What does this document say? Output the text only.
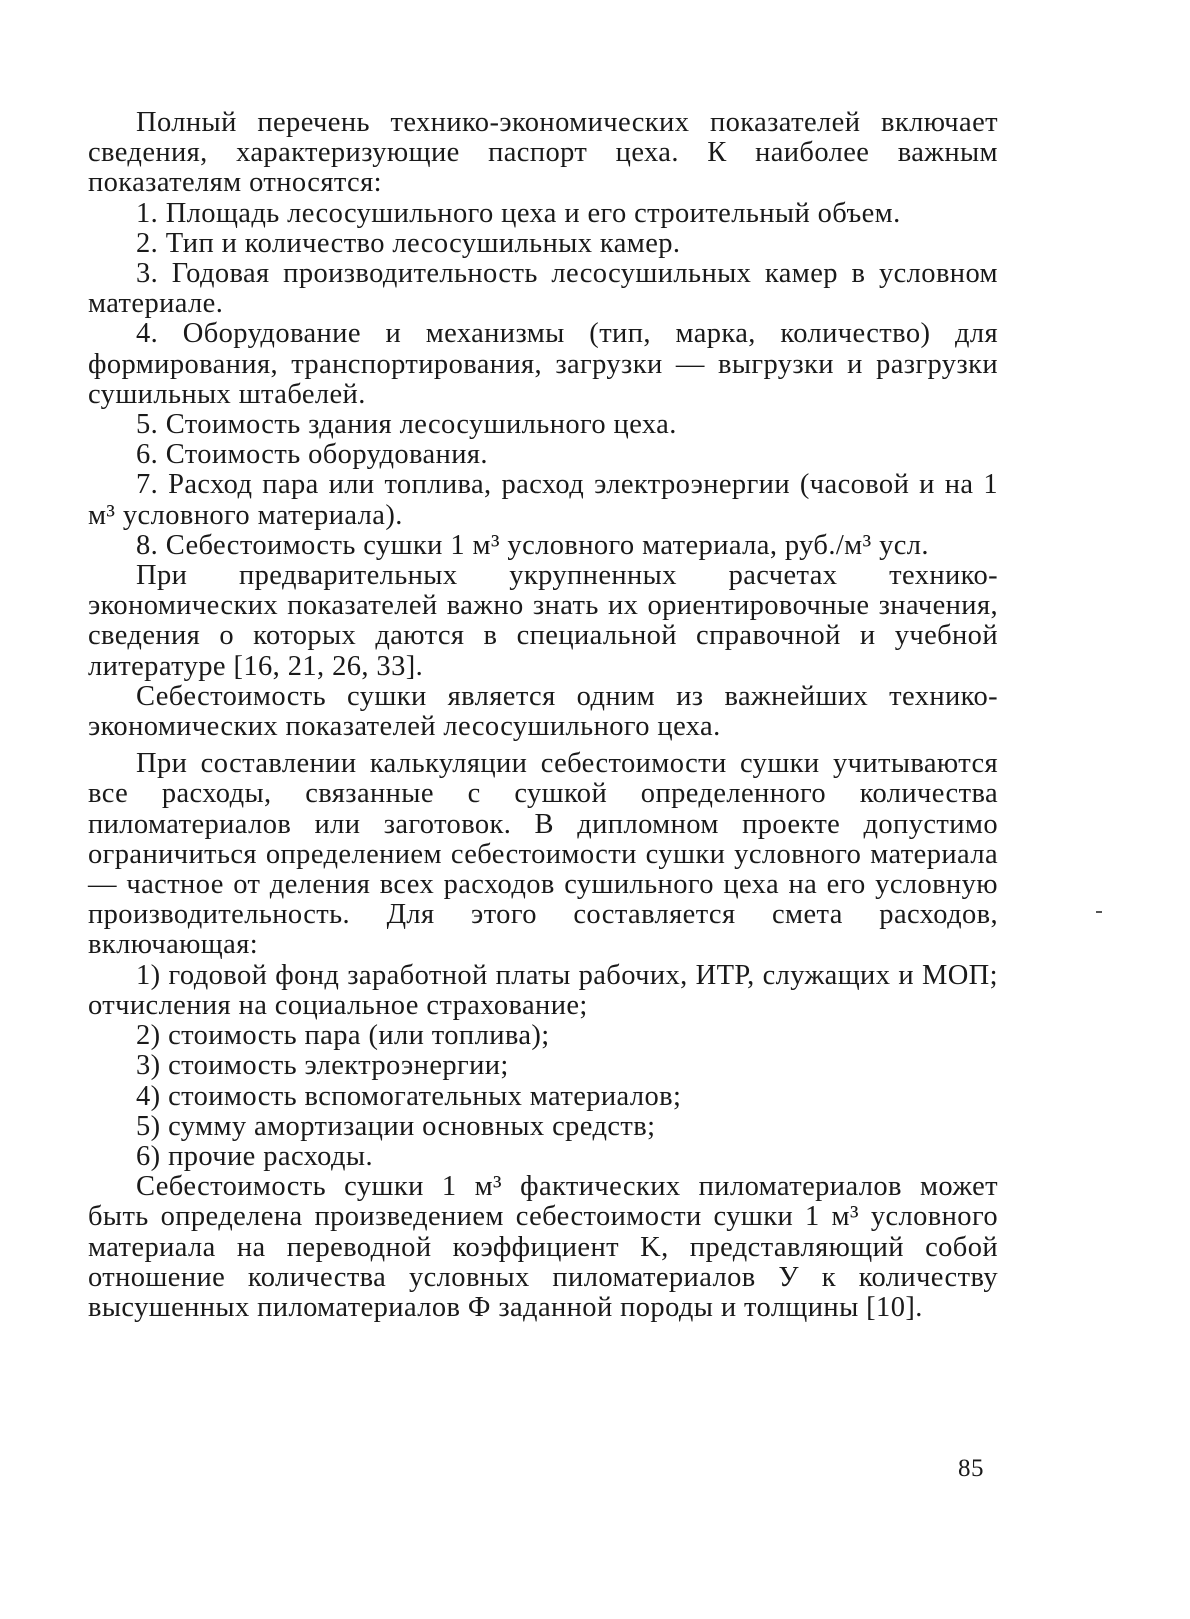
Полный перечень технико-экономических показателей включает сведения, характеризующие паспорт цеха. К наиболее важным показателям относятся:

1. Площадь лесосушильного цеха и его строительный объем.

2. Тип и количество лесосушильных камер.

3. Годовая производительность лесосушильных камер в условном материале.

4. Оборудование и механизмы (тип, марка, количество) для формирования, транспортирования, загрузки — выгрузки и разгрузки сушильных штабелей.

5. Стоимость здания лесосушильного цеха.

6. Стоимость оборудования.

7. Расход пара или топлива, расход электроэнергии (часовой и на 1 м³ условного материала).

8. Себестоимость сушки 1 м³ условного материала, руб./м³ усл.

При предварительных укрупненных расчетах технико-экономических показателей важно знать их ориентировочные значения, сведения о которых даются в специальной справочной и учебной литературе [16, 21, 26, 33].

Себестоимость сушки является одним из важнейших технико-экономических показателей лесосушильного цеха.

При составлении калькуляции себестоимости сушки учитываются все расходы, связанные с сушкой определенного количества пиломатериалов или заготовок. В дипломном проекте допустимо ограничиться определением себестоимости сушки условного материала — частное от деления всех расходов сушильного цеха на его условную производительность. Для этого составляется смета расходов, включающая:

1) годовой фонд заработной платы рабочих, ИТР, служащих и МОП; отчисления на социальное страхование;

2) стоимость пара (или топлива);

3) стоимость электроэнергии;

4) стоимость вспомогательных материалов;

5) сумму амортизации основных средств;

6) прочие расходы.

Себестоимость сушки 1 м³ фактических пиломатериалов может быть определена произведением себестоимости сушки 1 м³ условного материала на переводной коэффициент K, представляющий собой отношение количества условных пиломатериалов У к количеству высушенных пиломатериалов Ф заданной породы и толщины [10].

85
